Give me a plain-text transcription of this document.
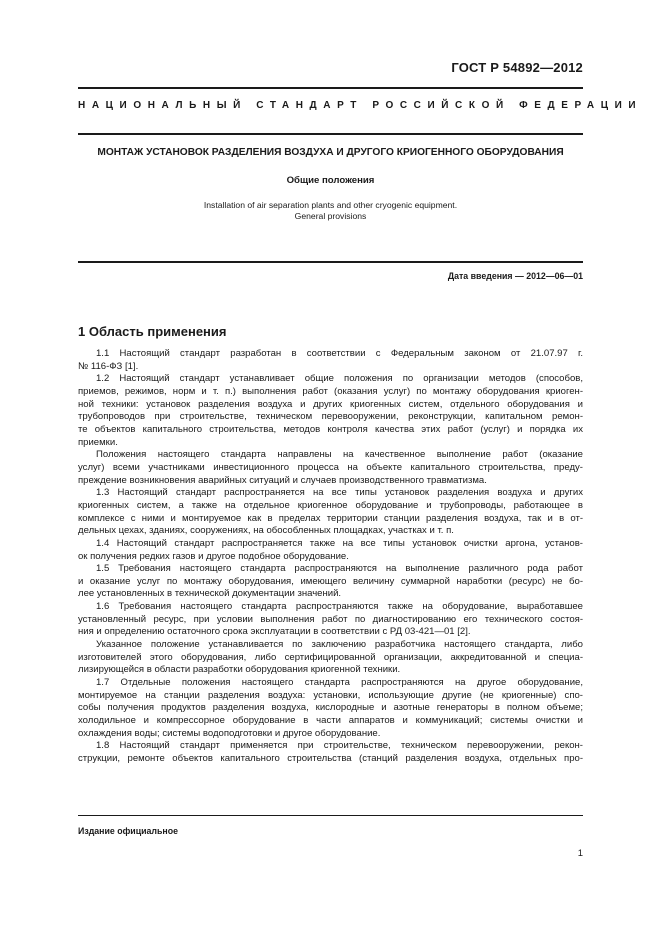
ГОСТ Р 54892—2012
НАЦИОНАЛЬНЫЙ СТАНДАРТ РОССИЙСКОЙ ФЕДЕРАЦИИ
МОНТАЖ УСТАНОВОК РАЗДЕЛЕНИЯ ВОЗДУХА И ДРУГОГО КРИОГЕННОГО ОБОРУДОВАНИЯ
Общие положения
Installation of air separation plants and other cryogenic equipment.
General provisions
Дата введения — 2012—06—01
1 Область применения
1.1 Настоящий стандарт разработан в соответствии с Федеральным законом от 21.07.97 г.
№ 116-ФЗ [1].
1.2 Настоящий стандарт устанавливает общие положения по организации методов (способов,
приемов, режимов, норм и т. п.) выполнения работ (оказания услуг) по монтажу оборудования криоген-
ной техники: установок разделения воздуха и других криогенных систем, отдельного оборудования и
трубопроводов при строительстве, техническом перевооружении, реконструкции, капитальном ремон-
те объектов капитального строительства, методов контроля качества этих работ (услуг) и порядка их
приемки.
Положения настоящего стандарта направлены на качественное выполнение работ (оказание
услуг) всеми участниками инвестиционного процесса на объекте капитального строительства, преду-
преждение возникновения аварийных ситуаций и случаев производственного травматизма.
1.3 Настоящий стандарт распространяется на все типы установок разделения воздуха и других
криогенных систем, а также на отдельное криогенное оборудование и трубопроводы, работающее в
комплексе с ними и монтируемое как в пределах территории станции разделения воздуха, так и в от-
дельных цехах, зданиях, сооружениях, на обособленных площадках, участках и т. п.
1.4 Настоящий стандарт распространяется также на все типы установок очистки аргона, установ-
ок получения редких газов и другое подобное оборудование.
1.5 Требования настоящего стандарта распространяются на выполнение различного рода работ
и оказание услуг по монтажу оборудования, имеющего величину суммарной наработки (ресурс) не бо-
лее установленных в технической документации значений.
1.6 Требования настоящего стандарта распространяются также на оборудование, выработавшее
установленный ресурс, при условии выполнения работ по диагностированию его технического состоя-
ния и определению остаточного срока эксплуатации в соответствии с РД 03-421—01 [2].
Указанное положение устанавливается по заключению разработчика настоящего стандарта, либо
изготовителей этого оборудования, либо сертифицированной организации, аккредитованной и специа-
лизирующейся в области разработки оборудования криогенной техники.
1.7 Отдельные положения настоящего стандарта распространяются на другое оборудование,
монтируемое на станции разделения воздуха: установки, использующие другие (не криогенные) спо-
собы получения продуктов разделения воздуха, кислородные и азотные генераторы в полном объеме;
холодильное и компрессорное оборудование в части аппаратов и коммуникаций; системы очистки и
охлаждения воды; системы водоподготовки и другое оборудование.
1.8 Настоящий стандарт применяется при строительстве, техническом перевооружении, рекон-
струкции, ремонте объектов капитального строительства (станций разделения воздуха, отдельных про-
Издание официальное
1
